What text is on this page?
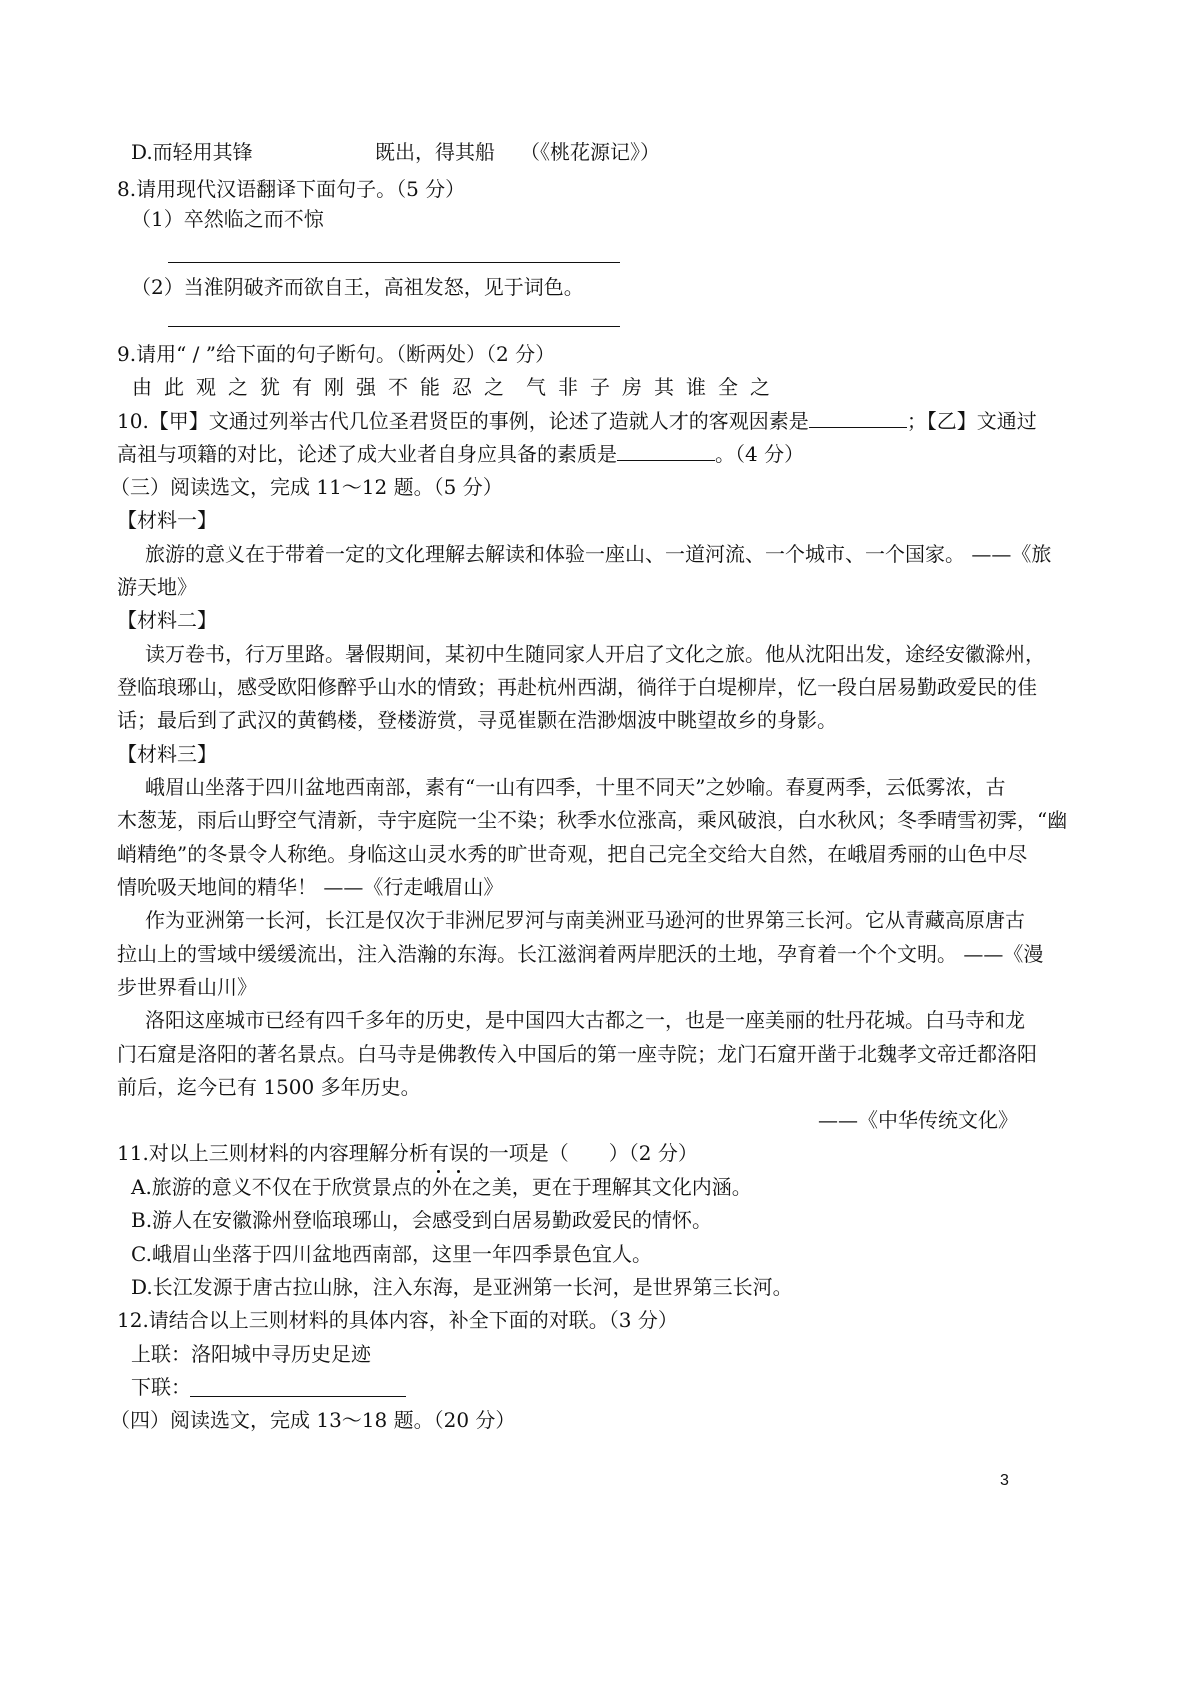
D.而轻用其锋	既出，得其船 （《桃花源记》）
8.请用现代汉语翻译下面句子。（5 分）
（1）卒然临之而不惊
（2）当淮阴破齐而欲自王，高祖发怒，见于词色。
9.请用“ / ”给下面的句子断句。（断两处）（2 分）
由 此 观 之 犹 有 刚 强 不 能 忍 之 气 非 子 房 其 谁 全 之
10.【甲】文通过列举古代几位圣君贤臣的事例，论述了造就人才的客观因素是	；【乙】文通过
高祖与项籍的对比，论述了成大业者自身应具备的素质是	。（4 分）
（三）阅读选文，完成 11～12 题。（5 分）
【材料一】
旅游的意义在于带着一定的文化理解去解读和体验一座山、一道河流、一个城市、一个国家。 ——《旅
游天地》
【材料二】
读万卷书，行万里路。暑假期间，某初中生随同家人开启了文化之旅。他从沈阳出发，途经安徽滁州，
登临琅琊山，感受欧阳修醉乎山水的情致；再赴杭州西湖，徜徉于白堤柳岸，忆一段白居易勤政爱民的佳
话；最后到了武汉的黄鹤楼，登楼游赏，寻觅崔颢在浩渺烟波中眺望故乡的身影。
【材料三】
峨眉山坐落于四川盆地西南部，素有“一山有四季，十里不同天”之妙喻。春夏两季，云低雾浓，古
木葱茏，雨后山野空气清新，寺宇庭院一尘不染；秋季水位涨高，乘风破浪，白水秋风；冬季晴雪初霁，“幽
峭精绝”的冬景令人称绝。身临这山灵水秀的旷世奇观，把自己完全交给大自然，在峨眉秀丽的山色中尽
情吮吸天地间的精华！ ——《行走峨眉山》
作为亚洲第一长河，长江是仅次于非洲尼罗河与南美洲亚马逊河的世界第三长河。它从青藏高原唐古
拉山上的雪域中缓缓流出，注入浩瀚的东海。长江滋润着两岸肥沃的土地，孕育着一个个文明。 ——《漫
步世界看山川》
洛阳这座城市已经有四千多年的历史，是中国四大古都之一，也是一座美丽的牡丹花城。白马寺和龙
门石窟是洛阳的著名景点。白马寺是佛教传入中国后的第一座寺院；龙门石窟开凿于北魏孝文帝迁都洛阳
前后，迄今已有 1500 多年历史。
——《中华传统文化》
11.对以上三则材料的内容理解分析有误的一项是（　　）（2 分）
A.旅游的意义不仅在于欣赏景点的外在之美，更在于理解其文化内涵。
B.游人在安徽滁州登临琅琊山，会感受到白居易勤政爱民的情怀。
C.峨眉山坐落于四川盆地西南部，这里一年四季景色宜人。
D.长江发源于唐古拉山脉，注入东海，是亚洲第一长河，是世界第三长河。
12.请结合以上三则材料的具体内容，补全下面的对联。（3 分）
上联：洛阳城中寻历史足迹
下联：
（四）阅读选文，完成 13～18 题。（20 分）
3
